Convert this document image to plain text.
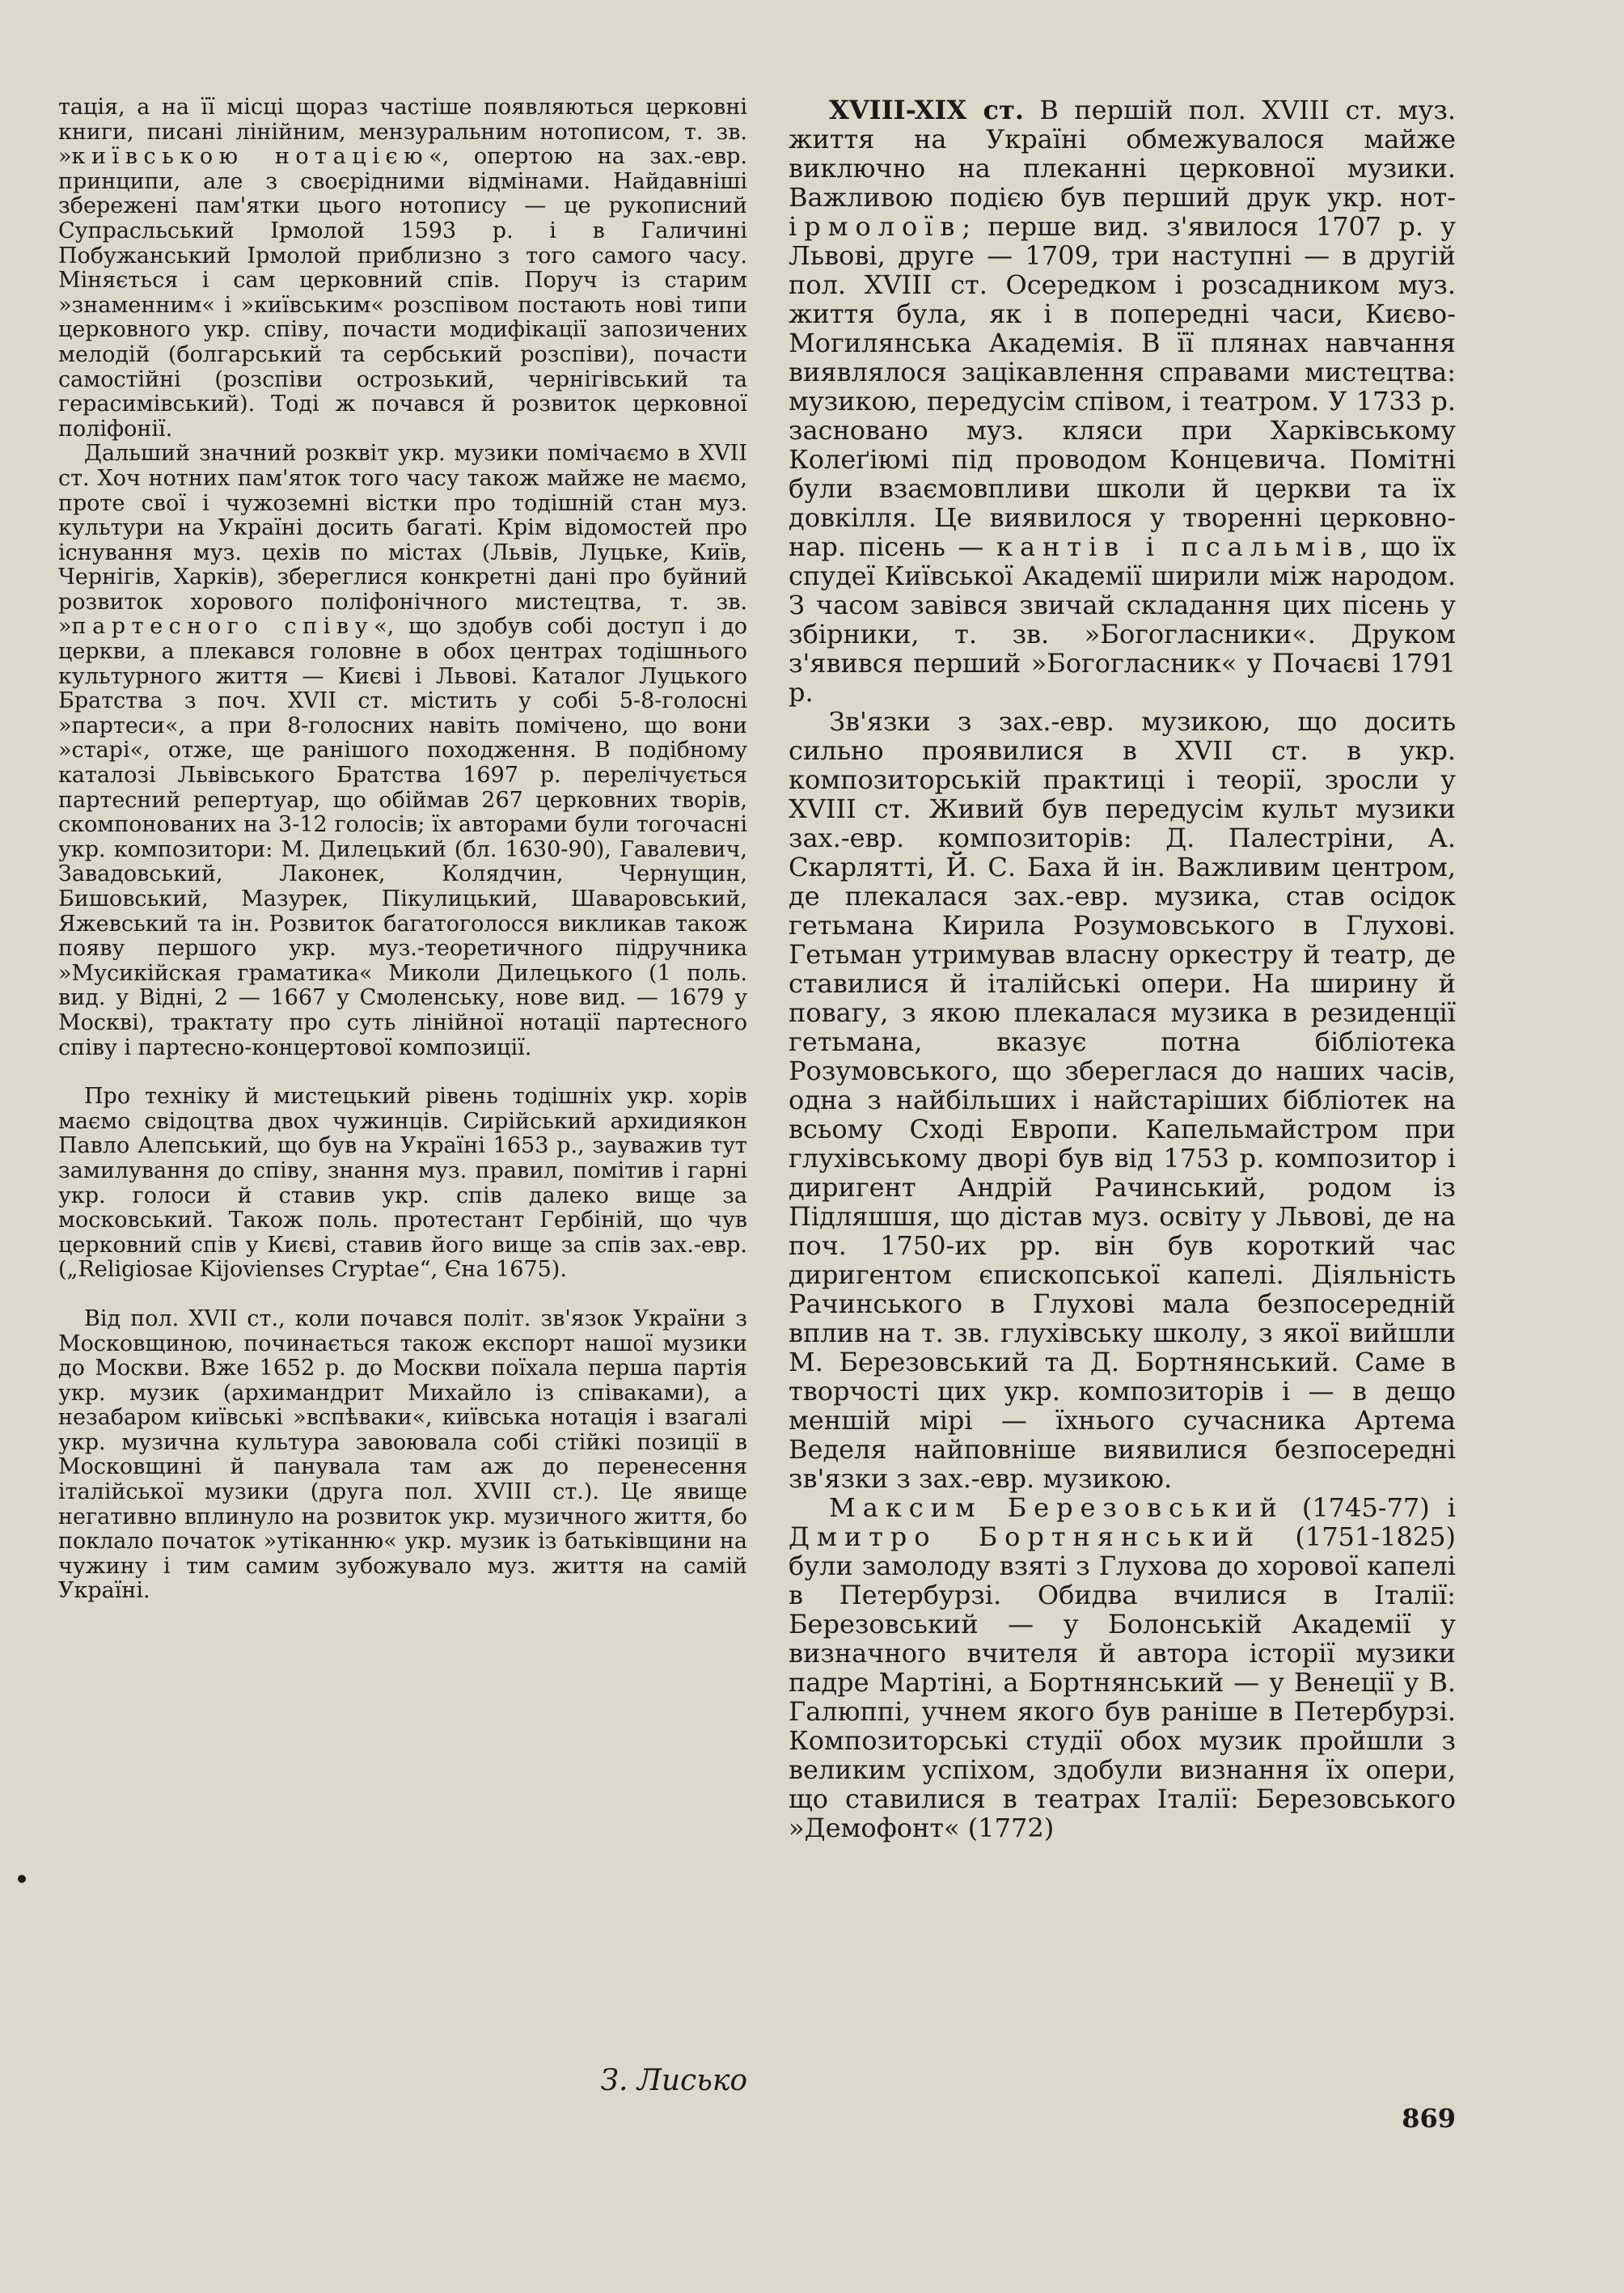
тація, а на її місці щораз частіше появляються церковні книги, писані лінійним, мензуральним нотописом, т. зв. »київською нотацією«, опертою на зах.-евр. принципи, але з своєрідними відмінами. Найдавніші збережені пам'ятки цього нотопису — це рукописний Супрасльський Ірмолой 1593 р. і в Галичині Побужанський Ірмолой приблизно з того самого часу. Міняється і сам церковний спів. Поруч із старим »знаменним« і »київським« розспівом постають нові типи церковного укр. співу, почасти модифікації запозичених мелодій (болгарський та сербський розспіви), почасти самостійні (розспіви острозький, чернігівський та герасимівський). Тоді ж почався й розвиток церковної поліфонії.

Дальший значний розквіт укр. музики помічаємо в XVII ст. Хоч нотних пам'яток того часу також майже не маємо, проте свої і чужоземні вістки про тодішній стан муз. культури на Україні досить багаті. Крім відомостей про існування муз. цехів по містах (Львів, Луцьке, Київ, Чернігів, Харків), збереглися конкретні дані про буйний розвиток хорового поліфонічного мистецтва, т. зв. »партесного співу«, що здобув собі доступ і до церкви, а плекався головне в обох центрах тодішнього культурного життя — Києві і Львові. Каталог Луцького Братства з поч. XVII ст. містить у собі 5-8-голосні »партеси«, а при 8-голосних навіть помічено, що вони »старі«, отже, ще ранішого походження. В подібному каталозі Львівського Братства 1697 р. перелічується партесний репертуар, що обіймав 267 церковних творів, скомпонованих на 3-12 голосів; їх авторами були тогочасні укр. композитори: М. Дилецький (бл. 1630-90), Гавалевич, Завадовський, Лаконек, Колядчин, Чернущин, Бишовський, Мазурек, Пікулицький, Шаваровський, Яжевський та ін. Розвиток багатоголосся викликав також появу першого укр. муз.-теоретичного підручника »Мусикійская граматика« Миколи Дилецького (1 поль. вид. у Відні, 2 — 1667 у Смоленську, нове вид. — 1679 у Москві), трактату про суть лінійної нотації партесного співу і партесно-концертової композиції.

Про техніку й мистецький рівень тодішніх укр. хорів маємо свідоцтва двох чужинців. Сирійський архидиякон Павло Алепський, що був на Україні 1653 р., зауважив тут замилування до співу, знання муз. правил, помітив і гарні укр. голоси й ставив укр. спів далеко вище за московський. Також поль. протестант Гербіній, що чув церковний спів у Києві, ставив його вище за спів зах.-евр. („Religiosae Kijovienses Cryptae“, Єна 1675).

Від пол. XVII ст., коли почався політ. зв'язок України з Московщиною, починається також експорт нашої музики до Москви. Вже 1652 р. до Москви поїхала перша партія укр. музик (архимандрит Михайло із співаками), а незабаром київські »вспѣваки«, київська нотація і взагалі укр. музична культура завоювала собі стійкі позиції в Московщині й панувала там аж до перенесення італійської музики (друга пол. XVIII ст.). Це явище негативно вплинуло на розвиток укр. музичного життя, бо поклало початок »утіканню« укр. музик із батьківщини на чужину і тим самим зубожувало муз. життя на самій Україні.

З. Лисько

XVIII-XIX ст. В першій пол. XVIII ст. муз. життя на Україні обмежувалося майже виключно на плеканні церковної музики. Важливою подією був перший друк укр. нот-ірмолоїв; перше вид. з'явилося 1707 р. у Львові, друге — 1709, три наступні — в другій пол. XVIII ст. Осередком і розсадником муз. життя була, як і в попередні часи, Києво-Могилянська Академія. В її плянах навчання виявлялося зацікавлення справами мистецтва: музикою, передусім співом, і театром. У 1733 р. засновано муз. кляси при Харківському Колеґіюмі під проводом Концевича. Помітні були взаємовпливи школи й церкви та їх довкілля. Це виявилося у творенні церковно-нар. пісень — кантів і псальмів, що їх спудеї Київської Академії ширили між народом. З часом завівся звичай складання цих пісень у збірники, т. зв. »Богогласники«. Друком з'явився перший »Богогласник« у Почаєві 1791 р.

Зв'язки з зах.-евр. музикою, що досить сильно проявилися в XVII ст. в укр. композиторській практиці і теорії, зросли у XVIII ст. Живий був передусім культ музики зах.-евр. композиторів: Д. Палестріни, А. Скарлятті, Й. С. Баха й ін. Важливим центром, де плекалася зах.-евр. музика, став осідок гетьмана Кирила Розумовського в Глухові. Гетьман утримував власну оркестру й театр, де ставилися й італійські опери. На ширину й повагу, з якою плекалася музика в резиденції гетьмана, вказує потна бібліотека Розумовського, що збереглася до наших часів, одна з найбільших і найстаріших бібліотек на всьому Сході Европи. Капельмайстром при глухівському дворі був від 1753 р. композитор і диригент Андрій Рачинський, родом із Підляшшя, що дістав муз. освіту у Львові, де на поч. 1750-их рр. він був короткий час диригентом єпископської капелі. Діяльність Рачинського в Глухові мала безпосередній вплив на т. зв. глухівську школу, з якої вийшли М. Березовський та Д. Бортнянський. Саме в творчості цих укр. композиторів і — в дещо меншій мірі — їхнього сучасника Артема Веделя найповніше виявилися безпосередні зв'язки з зах.-евр. музикою.

Максим Березовський (1745-77) і Дмитро Бортнянський (1751-1825) були замолоду взяті з Глухова до хорової капелі в Петербурзі. Обидва вчилися в Італії: Березовський — у Болонській Академії у визначного вчителя й автора історії музики падре Мартіні, а Бортнянський — у Венеції у В. Галюппі, учнем якого був раніше в Петербурзі. Композиторські студії обох музик пройшли з великим успіхом, здобули визнання їх опери, що ставилися в театрах Італії: Березовського »Демофонт« (1772)

869
